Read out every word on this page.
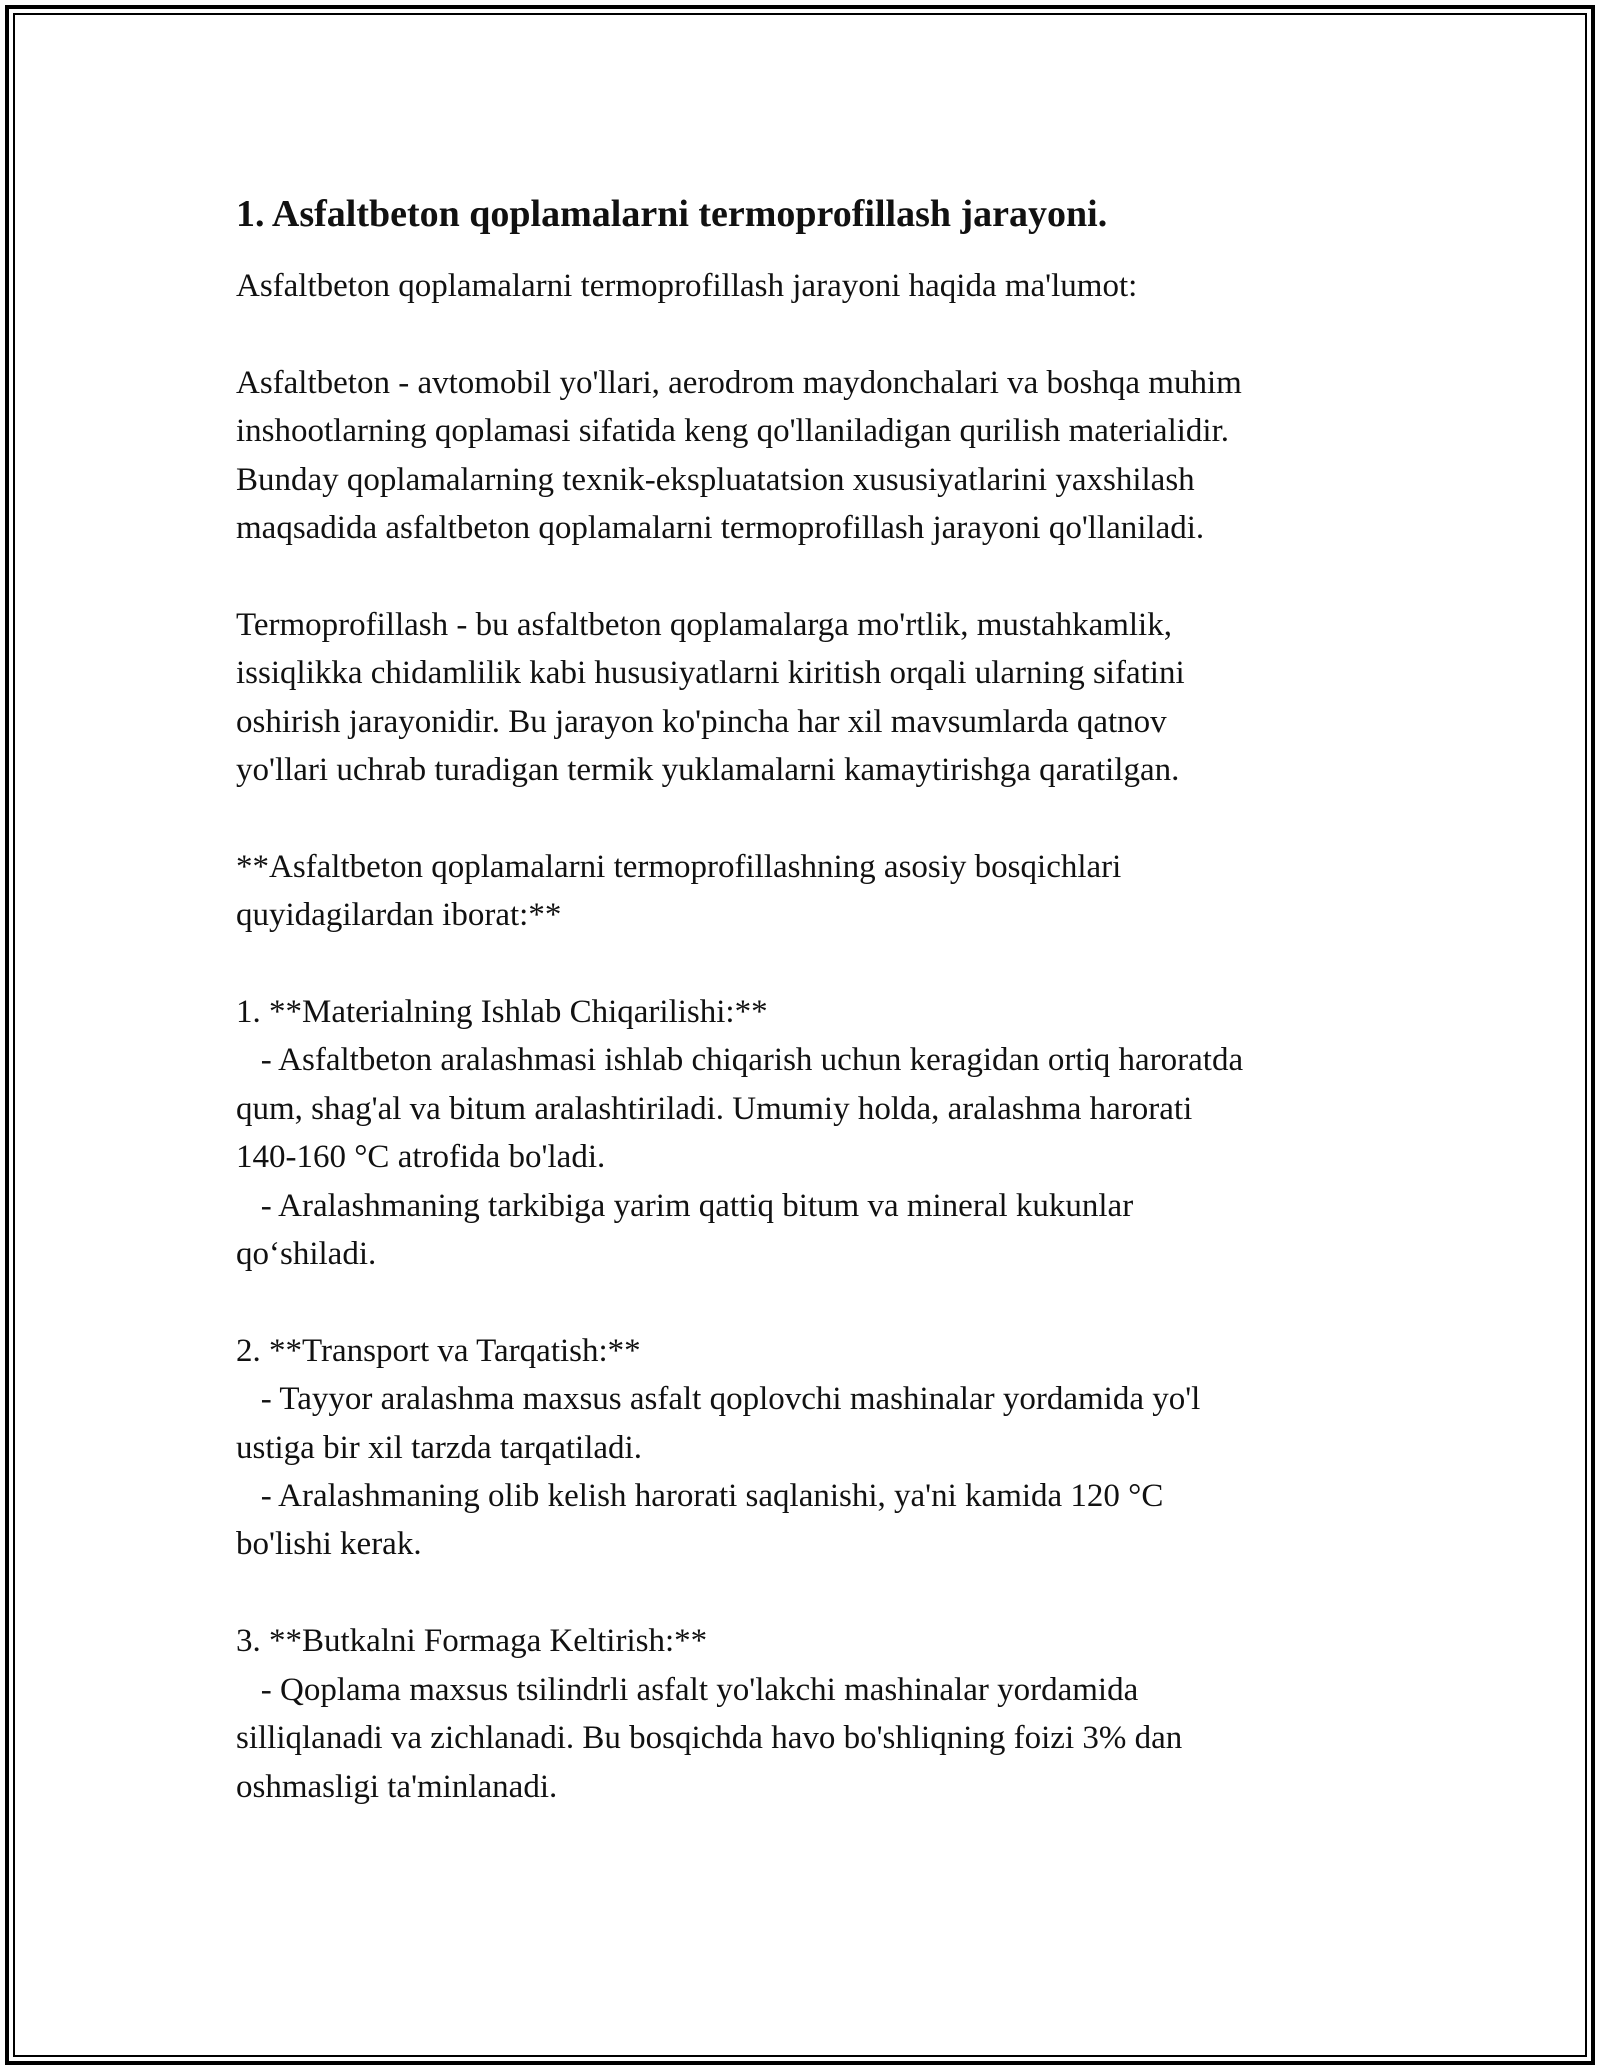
1. Asfaltbeton qoplamalarni termoprofillash jarayoni.

Asfaltbeton qoplamalarni termoprofillash jarayoni haqida ma'lumot:

Asfaltbeton - avtomobil yo'llari, aerodrom maydonchalari va boshqa muhim
inshootlarning qoplamasi sifatida keng qo'llaniladigan qurilish materialidir.
Bunday qoplamalarning texnik-ekspluatatsion xususiyatlarini yaxshilash
maqsadida asfaltbeton qoplamalarni termoprofillash jarayoni qo'llaniladi.

Termoprofillash - bu asfaltbeton qoplamalarga mo'rtlik, mustahkamlik,
issiqlikka chidamlilik kabi hususiyatlarni kiritish orqali ularning sifatini
oshirish jarayonidir. Bu jarayon ko'pincha har xil mavsumlarda qatnov
yo'llari uchrab turadigan termik yuklamalarni kamaytirishga qaratilgan.

**Asfaltbeton qoplamalarni termoprofillashning asosiy bosqichlari
quyidagilardan iborat:**

1. **Materialning Ishlab Chiqarilishi:**

- Asfaltbeton aralashmasi ishlab chiqarish uchun keragidan ortiq haroratda
qum, shag'al va bitum aralashtiriladi. Umumiy holda, aralashma harorati
140-160 °C atrofida bo'ladi.
- Aralashmaning tarkibiga yarim qattiq bitum va mineral kukunlar
qo‘shiladi.

2. **Transport va Tarqatish:**

- Tayyor aralashma maxsus asfalt qoplovchi mashinalar yordamida yo'l
ustiga bir xil tarzda tarqatiladi.
- Aralashmaning olib kelish harorati saqlanishi, ya'ni kamida 120 °C
bo'lishi kerak.

3. **Butkalni Formaga Keltirish:**

- Qoplama maxsus tsilindrli asfalt yo'lakchi mashinalar yordamida
silliqlanadi va zichlanadi. Bu bosqichda havo bo'shliqning foizi 3% dan
oshmasligi ta'minlanadi.
